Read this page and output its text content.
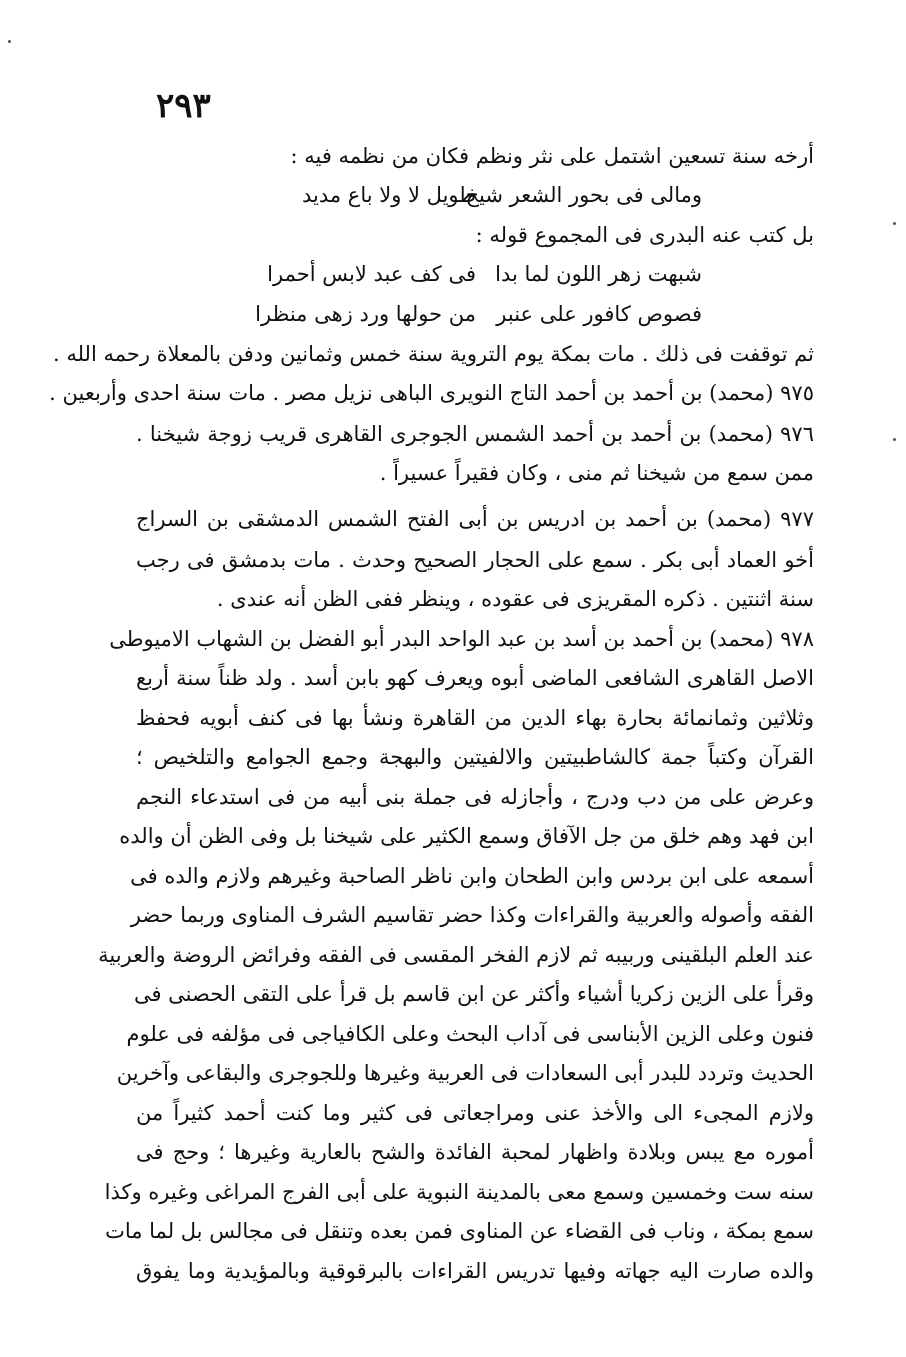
٢٩٣
أرخه سنة تسعين اشتمل على نثر ونظم فكان من نظمه فيه :
ومالى فى بحور الشعر شيخ
طويل لا ولا باع مديد
بل كتب عنه البدرى فى المجموع قوله :
شبهت زهر اللون لما بدا
فى كف عبد لابس أحمرا
فصوص كافور على عنبر
من حولها ورد زهى منظرا
ثم توقفت فى ذلك . مات بمكة يوم التروية سنة خمس وثمانين ودفن بالمعلاة رحمه الله .
٩٧٥ (محمد) بن أحمد بن أحمد التاج النويرى الباهى نزيل مصر . مات سنة احدى وأربعين .
٩٧٦ (محمد) بن أحمد بن أحمد الشمس الجوجرى القاهرى قريب زوجة شيخنا .
ممن سمع من شيخنا ثم منى ، وكان فقيراً عسيراً .
٩٧٧ (محمد) بن أحمد بن ادريس بن أبى الفتح الشمس الدمشقى بن السراج
أخو العماد أبى بكر . سمع على الحجار الصحيح وحدث . مات بدمشق فى رجب
سنة اثنتين . ذكره المقريزى فى عقوده ، وينظر ففى الظن أنه عندى .
٩٧٨ (محمد) بن أحمد بن أسد بن عبد الواحد البدر أبو الفضل بن الشهاب الاميوطى
الاصل القاهرى الشافعى الماضى أبوه ويعرف كهو بابن أسد . ولد ظناً سنة أربع
وثلاثين وثمانمائة بحارة بهاء الدين من القاهرة ونشأ بها فى كنف أبويه فحفظ
القرآن وكتباً جمة كالشاطبيتين والالفيتين والبهجة وجمع الجوامع والتلخيص ؛
وعرض على من دب ودرج ، وأجازله فى جملة بنى أبيه من فى استدعاء النجم
ابن فهد وهم خلق من جل الآفاق وسمع الكثير على شيخنا بل وفى الظن أن والده
أسمعه على ابن بردس وابن الطحان وابن ناظر الصاحبة وغيرهم ولازم والده فى
الفقه وأصوله والعربية والقراءات وكذا حضر تقاسيم الشرف المناوى وربما حضر
عند العلم البلقينى وربيبه ثم لازم الفخر المقسى فى الفقه وفرائض الروضة والعربية
وقرأ على الزين زكريا أشياء وأكثر عن ابن قاسم بل قرأ على التقى الحصنى فى
فنون وعلى الزين الأبناسى فى آداب البحث وعلى الكافياجى فى مؤلفه فى علوم
الحديث وتردد للبدر أبى السعادات فى العربية وغيرها وللجوجرى والبقاعى وآخرين
ولازم المجىء الى والأخذ عنى ومراجعاتى فى كثير وما كنت أحمد كثيراً من
أموره مع يبس وبلادة واظهار لمحبة الفائدة والشح بالعارية وغيرها ؛ وحج فى
سنه ست وخمسين وسمع معى بالمدينة النبوية على أبى الفرج المراغى وغيره وكذا
سمع بمكة ، وناب فى القضاء عن المناوى فمن بعده وتنقل فى مجالس بل لما مات
والده صارت اليه جهاته وفيها تدريس القراءات بالبرقوقية وبالمؤيدية وما يفوق
